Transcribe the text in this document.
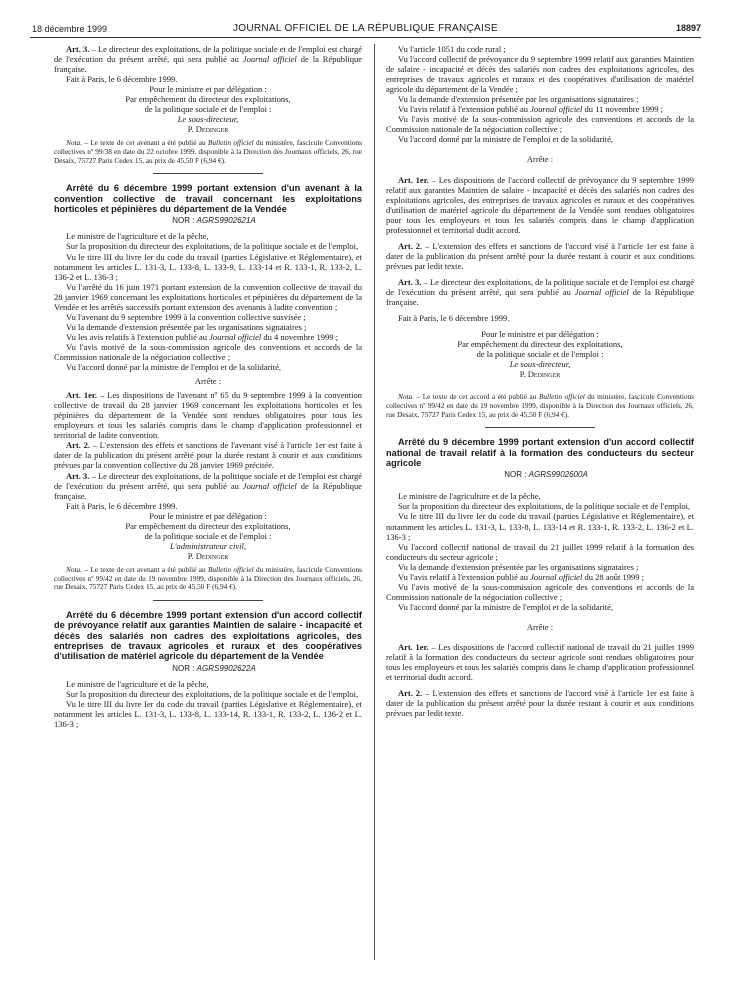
18 décembre 1999	JOURNAL OFFICIEL DE LA RÉPUBLIQUE FRANÇAISE	18897

Art. 3. – Le directeur des exploitations, de la politique sociale et de l'emploi est chargé de l'exécution du présent arrêté, qui sera publié au Journal officiel de la République française.

Fait à Paris, le 6 décembre 1999.

Pour le ministre et par délégation :

Par empêchement du directeur des exploitations,

de la politique sociale et de l'emploi :

Le sous-directeur,

P. Dedinger

Nota. – Le texte de cet avenant a été publié au Bulletin officiel du ministère, fascicule Conventions collectives nº 99/38 en date du 22 octobre 1999, disponible à la Direction des Journaux officiels, 26, rue Desaix, 75727 Paris Cedex 15, au prix de 45,50 F (6,94 €).

Arrêté du 6 décembre 1999 portant extension d'un avenant à la convention collective de travail concernant les exploitations horticoles et pépinières du département de la Vendée

NOR : AGRS9902621A

Le ministre de l'agriculture et de la pêche,

Sur la proposition du directeur des exploitations, de la politique sociale et de l'emploi,

Vu le titre III du livre Ier du code du travail (parties Législative et Réglementaire), et notamment les articles L. 131-3, L. 133-8, L. 133-9, L. 133-14 et R. 133-1, R. 133-2, L. 136-2 et L. 136-3 ;

Vu l'arrêté du 16 juin 1971 portant extension de la convention collective de travail du 28 janvier 1969 concernant les exploitations horticoles et pépinières du département de la Vendée et les arrêtés successifs portant extension des avenants à ladite convention ;

Vu l'avenant du 9 septembre 1999 à la convention collective susvisée ;

Vu la demande d'extension présentée par les organisations signataires ;

Vu les avis relatifs à l'extension publié au Journal officiel du 4 novembre 1999 ;

Vu l'avis motivé de la sous-commission agricole des conventions et accords de la Commission nationale de la négociation collective ;

Vu l'accord donné par la ministre de l'emploi et de la solidarité,

Arrête :

Art. 1er. – Les dispositions de l'avenant nº 65 du 9 septembre 1999 à la convention collective de travail du 28 janvier 1969 concernant les exploitations horticoles et les pépinières du département de la Vendée sont rendues obligatoires pour tous les employeurs et tous les salariés compris dans le champ d'application professionnel et territorial de ladite convention.

Art. 2. – L'extension des effets et sanctions de l'avenant visé à l'article 1er est faite à dater de la publication du présent arrêté pour la durée restant à courir et aux conditions prévues par la convention collective du 28 janvier 1969 précitée.

Art. 3. – Le directeur des exploitations, de la politique sociale et de l'emploi est chargé de l'exécution du présent arrêté, qui sera publié au Journal officiel de la République française.

Fait à Paris, le 6 décembre 1999.

Pour le ministre et par délégation :

Par empêchement du directeur des exploitations,

de la politique sociale et de l'emploi :

L'administrateur civil,

P. Dedinger

Nota. – Le texte de cet avenant a été publié au Bulletin officiel du ministère, fascicule Conventions collectives nº 99/42 en date du 19 novembre 1999, disponible à la Direction des Journaux officiels, 26, rue Desaix, 75727 Paris Cedex 15, au prix de 45,50 F (6,94 €).

Arrêté du 6 décembre 1999 portant extension d'un accord collectif de prévoyance relatif aux garanties Maintien de salaire - incapacité et décès des salariés non cadres des exploitations agricoles, des entreprises de travaux agricoles et ruraux et des coopératives d'utilisation de matériel agricole du département de la Vendée

NOR : AGRS9902622A

Le ministre de l'agriculture et de la pêche,

Sur la proposition du directeur des exploitations, de la politique sociale et de l'emploi,

Vu le titre III du livre Ier du code du travail (parties Législative et Réglementaire), et notamment les articles L. 131-3, L. 133-8, L. 133-14, R. 133-1, R. 133-2, L. 136-2 et L. 136-3 ;

Vu l'article 1051 du code rural ;

Vu l'accord collectif de prévoyance du 9 septembre 1999 relatif aux garanties Maintien de salaire - incapacité et décès des salariés non cadres des exploitations agricoles, des entreprises de travaux agricoles et ruraux et des coopératives d'utilisation de matériel agricole du département de la Vendée ;

Vu la demande d'extension présentée par les organisations signataires ;

Vu l'avis relatif à l'extension publié au Journal officiel du 11 novembre 1999 ;

Vu l'avis motivé de la sous-commission agricole des conventions et accords de la Commission nationale de la négociation collective ;

Vu l'accord donné par la ministre de l'emploi et de la solidarité,

Arrête :

Art. 1er. – Les dispositions de l'accord collectif de prévoyance du 9 septembre 1999 relatif aux garanties Maintien de salaire - incapacité et décès des salariés non cadres des exploitations agricoles, des entreprises de travaux agricoles et ruraux et des coopératives d'utilisation de matériel agricole du département de la Vendée sont rendues obligatoires pour tous les employeurs et tous les salariés compris dans le champ d'application professionnel et territorial dudit accord.

Art. 2. – L'extension des effets et sanctions de l'accord visé à l'article 1er est faite à dater de la publication du présent arrêté pour la durée restant à courir et aux conditions prévues par ledit texte.

Art. 3. – Le directeur des exploitations, de la politique sociale et de l'emploi est chargé de l'exécution du présent arrêté, qui sera publié au Journal officiel de la République française.

Fait à Paris, le 6 décembre 1999.

Pour le ministre et par délégation :

Par empêchement du directeur des exploitations,

de la politique sociale et de l'emploi :

Le sous-directeur,

P. Dedinger

Nota. – Le texte de cet accord a été publié au Bulletin officiel du ministère, fascicule Conventions collectives nº 99/42 en date du 19 novembre 1999, disponible à la Direction des Journaux officiels, 26, rue Desaix, 75727 Paris Cedex 15, au prix de 45,50 F (6,94 €).

Arrêté du 9 décembre 1999 portant extension d'un accord collectif national de travail relatif à la formation des conducteurs du secteur agricole

NOR : AGRS9902600A

Le ministre de l'agriculture et de la pêche,

Sur la proposition du directeur des exploitations, de la politique sociale et de l'emploi,

Vu le titre III du livre Ier du code du travail (parties Législative et Réglementaire), et notamment les articles L. 131-3, L. 133-8, L. 133-14 et R. 133-1, R. 133-2, L. 136-2 et L. 136-3 ;

Vu l'accord collectif national de travail du 21 juillet 1999 relatif à la formation des conducteurs du secteur agricole ;

Vu la demande d'extension présentée par les organisations signataires ;

Vu l'avis relatif à l'extension publié au Journal officiel du 28 août 1999 ;

Vu l'avis motivé de la sous-commission agricole des conventions et accords de la Commission nationale de la négociation collective ;

Vu l'accord donné par la ministre de l'emploi et de la solidarité,

Arrête :

Art. 1er. – Les dispositions de l'accord collectif national de travail du 21 juillet 1999 relatif à la formation des conducteurs du secteur agricole sont rendues obligatoires pour tous les employeurs et tous les salariés compris dans le champ d'application professionnel et territorial dudit accord.

Art. 2. – L'extension des effets et sanctions de l'accord visé à l'article 1er est faite à dater de la publication du présent arrêté pour la durée restant à courir et aux conditions prévues par ledit texte.
